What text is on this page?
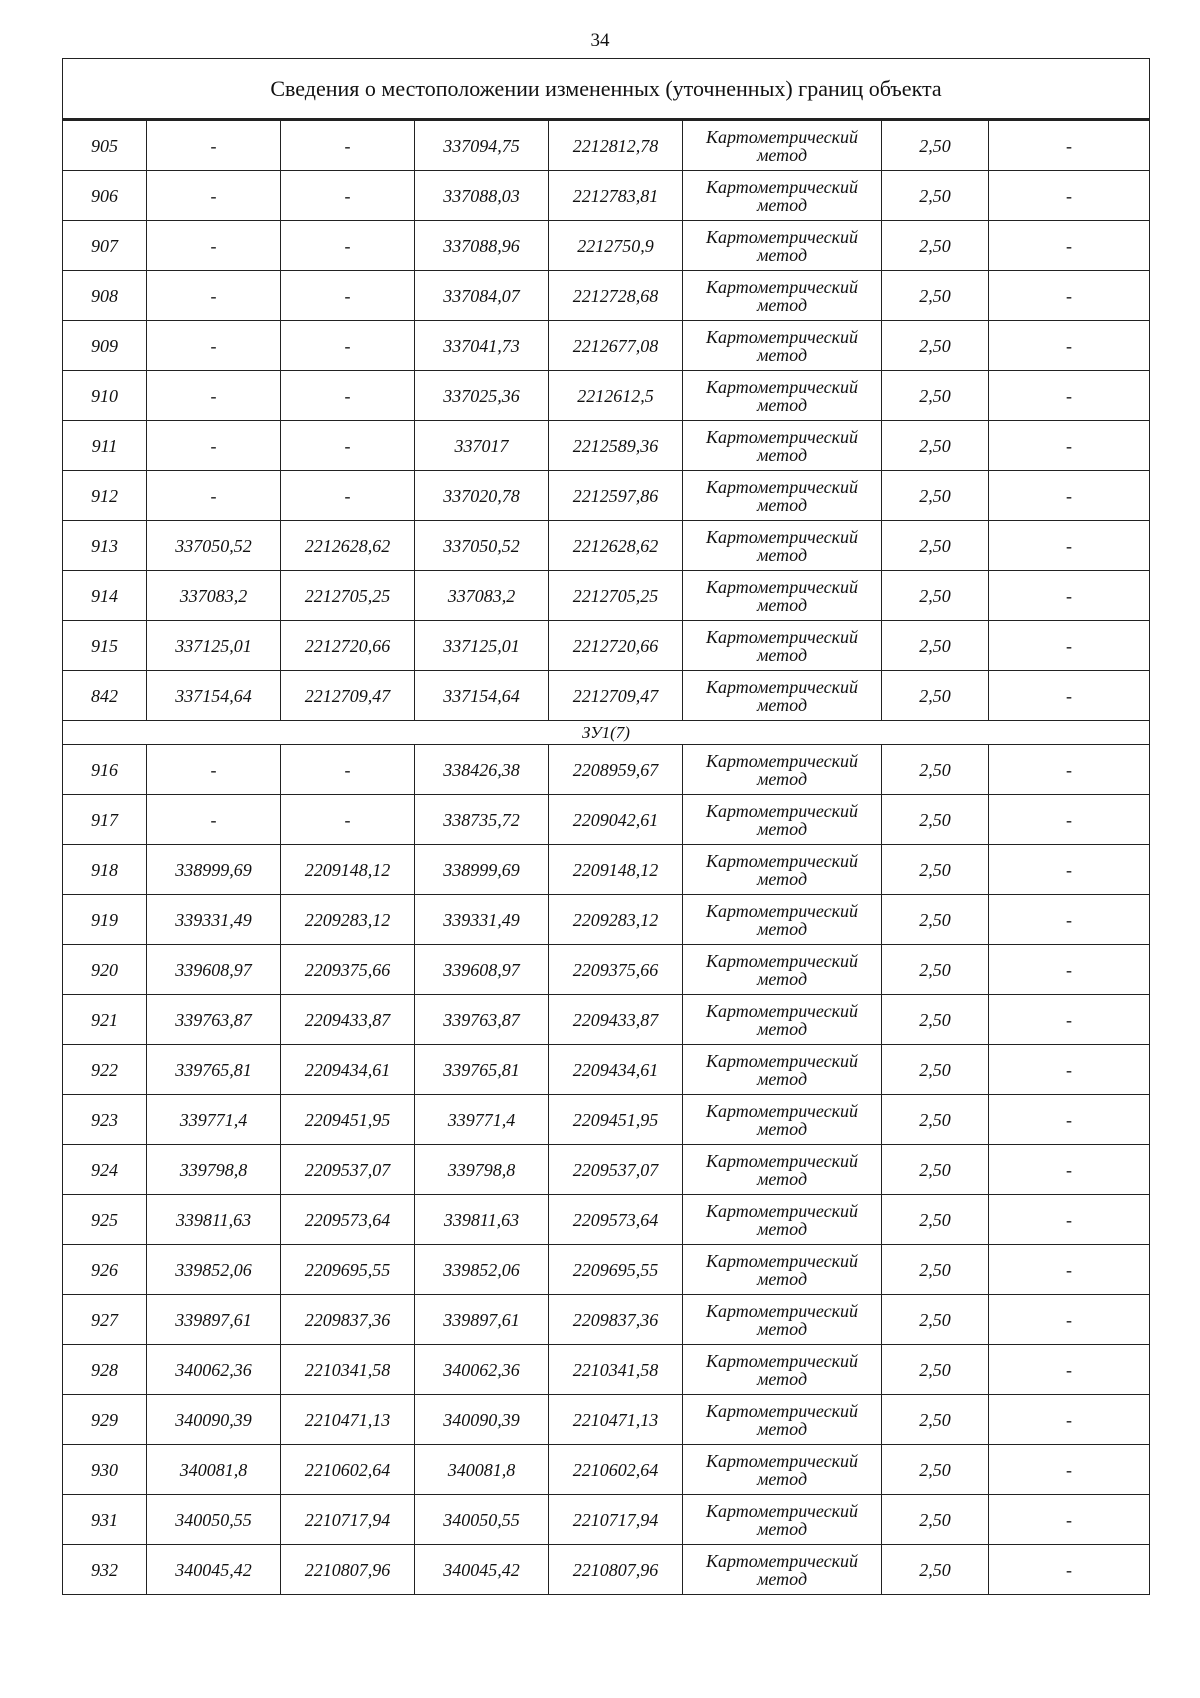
34
Сведения о местоположении измененных (уточненных) границ объекта							
905	-	-	337094,75	2212812,78	Картометрический
метод	2,50	-
906	-	-	337088,03	2212783,81	Картометрический
метод	2,50	-
907	-	-	337088,96	2212750,9	Картометрический
метод	2,50	-
908	-	-	337084,07	2212728,68	Картометрический
метод	2,50	-
909	-	-	337041,73	2212677,08	Картометрический
метод	2,50	-
910	-	-	337025,36	2212612,5	Картометрический
метод	2,50	-
911	-	-	337017	2212589,36	Картометрический
метод	2,50	-
912	-	-	337020,78	2212597,86	Картометрический
метод	2,50	-
913	337050,52	2212628,62	337050,52	2212628,62	Картометрический
метод	2,50	-
914	337083,2	2212705,25	337083,2	2212705,25	Картометрический
метод	2,50	-
915	337125,01	2212720,66	337125,01	2212720,66	Картометрический
метод	2,50	-
842	337154,64	2212709,47	337154,64	2212709,47	Картометрический
метод	2,50	-
ЗУ1(7)							
916	-	-	338426,38	2208959,67	Картометрический
метод	2,50	-
917	-	-	338735,72	2209042,61	Картометрический
метод	2,50	-
918	338999,69	2209148,12	338999,69	2209148,12	Картометрический
метод	2,50	-
919	339331,49	2209283,12	339331,49	2209283,12	Картометрический
метод	2,50	-
920	339608,97	2209375,66	339608,97	2209375,66	Картометрический
метод	2,50	-
921	339763,87	2209433,87	339763,87	2209433,87	Картометрический
метод	2,50	-
922	339765,81	2209434,61	339765,81	2209434,61	Картометрический
метод	2,50	-
923	339771,4	2209451,95	339771,4	2209451,95	Картометрический
метод	2,50	-
924	339798,8	2209537,07	339798,8	2209537,07	Картометрический
метод	2,50	-
925	339811,63	2209573,64	339811,63	2209573,64	Картометрический
метод	2,50	-
926	339852,06	2209695,55	339852,06	2209695,55	Картометрический
метод	2,50	-
927	339897,61	2209837,36	339897,61	2209837,36	Картометрический
метод	2,50	-
928	340062,36	2210341,58	340062,36	2210341,58	Картометрический
метод	2,50	-
929	340090,39	2210471,13	340090,39	2210471,13	Картометрический
метод	2,50	-
930	340081,8	2210602,64	340081,8	2210602,64	Картометрический
метод	2,50	-
931	340050,55	2210717,94	340050,55	2210717,94	Картометрический
метод	2,50	-
932	340045,42	2210807,96	340045,42	2210807,96	Картометрический
метод	2,50	-
